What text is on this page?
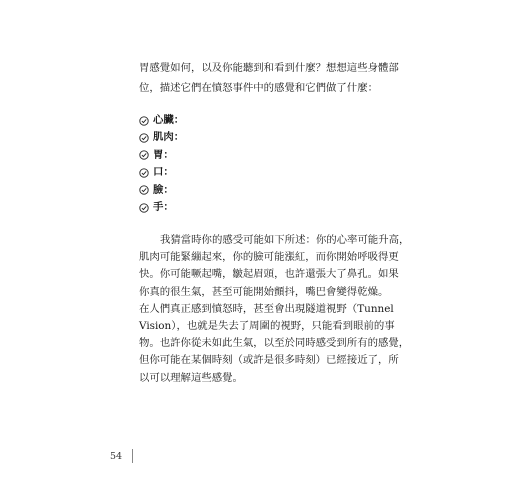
胃感覺如何，以及你能聽到和看到什麼？想想這些身體部
位，描述它們在憤怒事件中的感覺和它們做了什麼：

心臟：
肌肉：
胃：
口：
臉：
手：

我猜當時你的感受可能如下所述：你的心率可能升高，
肌肉可能緊繃起來，你的臉可能漲紅，而你開始呼吸得更
快。你可能噘起嘴，皺起眉頭，也許還張大了鼻孔。如果
你真的很生氣，甚至可能開始顫抖，嘴巴會變得乾燥。
在人們真正感到憤怒時，甚至會出現隧道視野（Tunnel
Vision），也就是失去了周圍的視野，只能看到眼前的事
物。也許你從未如此生氣，以至於同時感受到所有的感覺，
但你可能在某個時刻（或許是很多時刻）已經接近了，所
以可以理解這些感覺。

54
